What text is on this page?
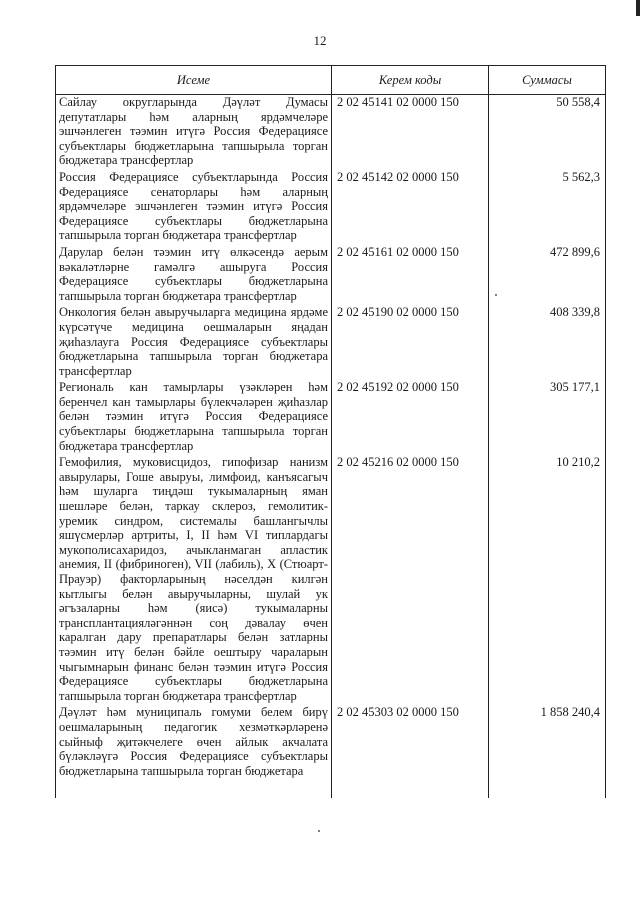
12
Исеме	Керем коды	Суммасы
Сайлау округларында Дәүләт Думасы депутатлары һәм аларның ярдәмчеләре эшчәнлеген тәэмин итүгә Россия Федерациясе субъектлары бюджетларына тапшырыла торган бюджетара трансфертлар	2 02 45141 02 0000 150	50 558,4
Россия Федерациясе субъектларында Россия Федерациясе сенаторлары һәм аларның ярдәмчеләре эшчәнлеген тәэмин итүгә Россия Федерациясе субъектлары бюджетларына тапшырыла торган бюджетара трансфертлар	2 02 45142 02 0000 150	5 562,3
Дарулар белән тәэмин итү өлкәсендә аерым вәкаләтләрне гамәлгә ашыруга Россия Федерациясе субъектлары бюджетларына тапшырыла торган бюджетара трансфертлар	2 02 45161 02 0000 150	472 899,6
Онкология белән авыручыларга медицина ярдәме күрсәтүче медицина оешмаларын яңадан җиһазлауга Россия Федерациясе субъектлары бюджетларына тапшырыла торган бюджетара трансфертлар	2 02 45190 02 0000 150	408 339,8
Региональ кан тамырлары үзәкләрен һәм беренчел кан тамырлары бүлекчәләрен җиһазлар белән тәэмин итүгә Россия Федерациясе субъектлары бюджетларына тапшырыла торган бюджетара трансфертлар	2 02 45192 02 0000 150	305 177,1
Гемофилия, муковисцидоз, гипофизар нанизм авырулары, Гоше авыруы, лимфоид, канъясагыч һәм шуларга тиңдәш тукымаларның яман шешләре белән, таркау склероз, гемолитик-уремик синдром, системалы башлангычлы яшүсмерләр артриты, I, II һәм VI типлардагы мукополисахаридоз, ачыкланмаган апластик анемия, II (фибриноген), VII (лабиль), X (Стюарт-Прауэр) факторларының нәселдән килгән кытлыгы белән авыручыларны, шулай ук әгъзаларны һәм (яисә) тукымаларны трансплантацияләгәннән соң дәвалау өчен каралган дару препаратлары белән затларны тәэмин итү белән бәйле оештыру чараларын чыгымнарын финанс белән тәэмин итүгә Россия Федерациясе субъектлары бюджетларына тапшырыла торган бюджетара трансфертлар	2 02 45216 02 0000 150	10 210,2
Дәүләт һәм муниципаль гомуми белем бирү оешмаларының педагогик хезмәткәрләренә сыйныф җитәкчелеге өчен айлык акчалата бүләкләүгә Россия Федерациясе субъектлары бюджетларына тапшырыла торган бюджетара	2 02 45303 02 0000 150	1 858 240,4
